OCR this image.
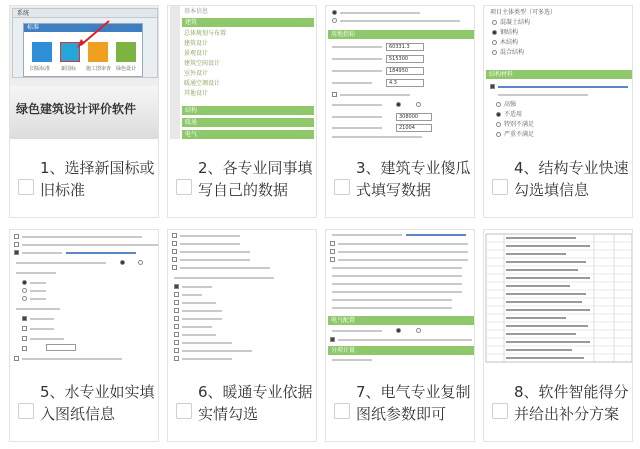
系统
标准
旧版标准 新国标 施工图审查 绿色设计
绿色建筑设计评价软件
1、选择新国标或旧标准
基本信息
建筑
总体规划与布置
建筑设计
景观设计
建筑空间设计
室外设计
暖通空调设计
其他设计
结构
暖通
电气
2、各专业同事填写自己的数据
用地指标
60331.3
515300
184950
4.3
308000
21004
3、建筑专业傻瓜式填写数据
项目主体类型（可多选）
混凝土结构
钢结构
木结构
混合结构
结构材料
高强
不适用
特别不满足
严重不满足
4、结构专业快速勾选填信息
5、水专业如实填入图纸信息
6、暖通专业依据实情勾选
电气配置
分项计量
7、电气专业复制图纸参数即可
8、软件智能得分并给出补分方案
